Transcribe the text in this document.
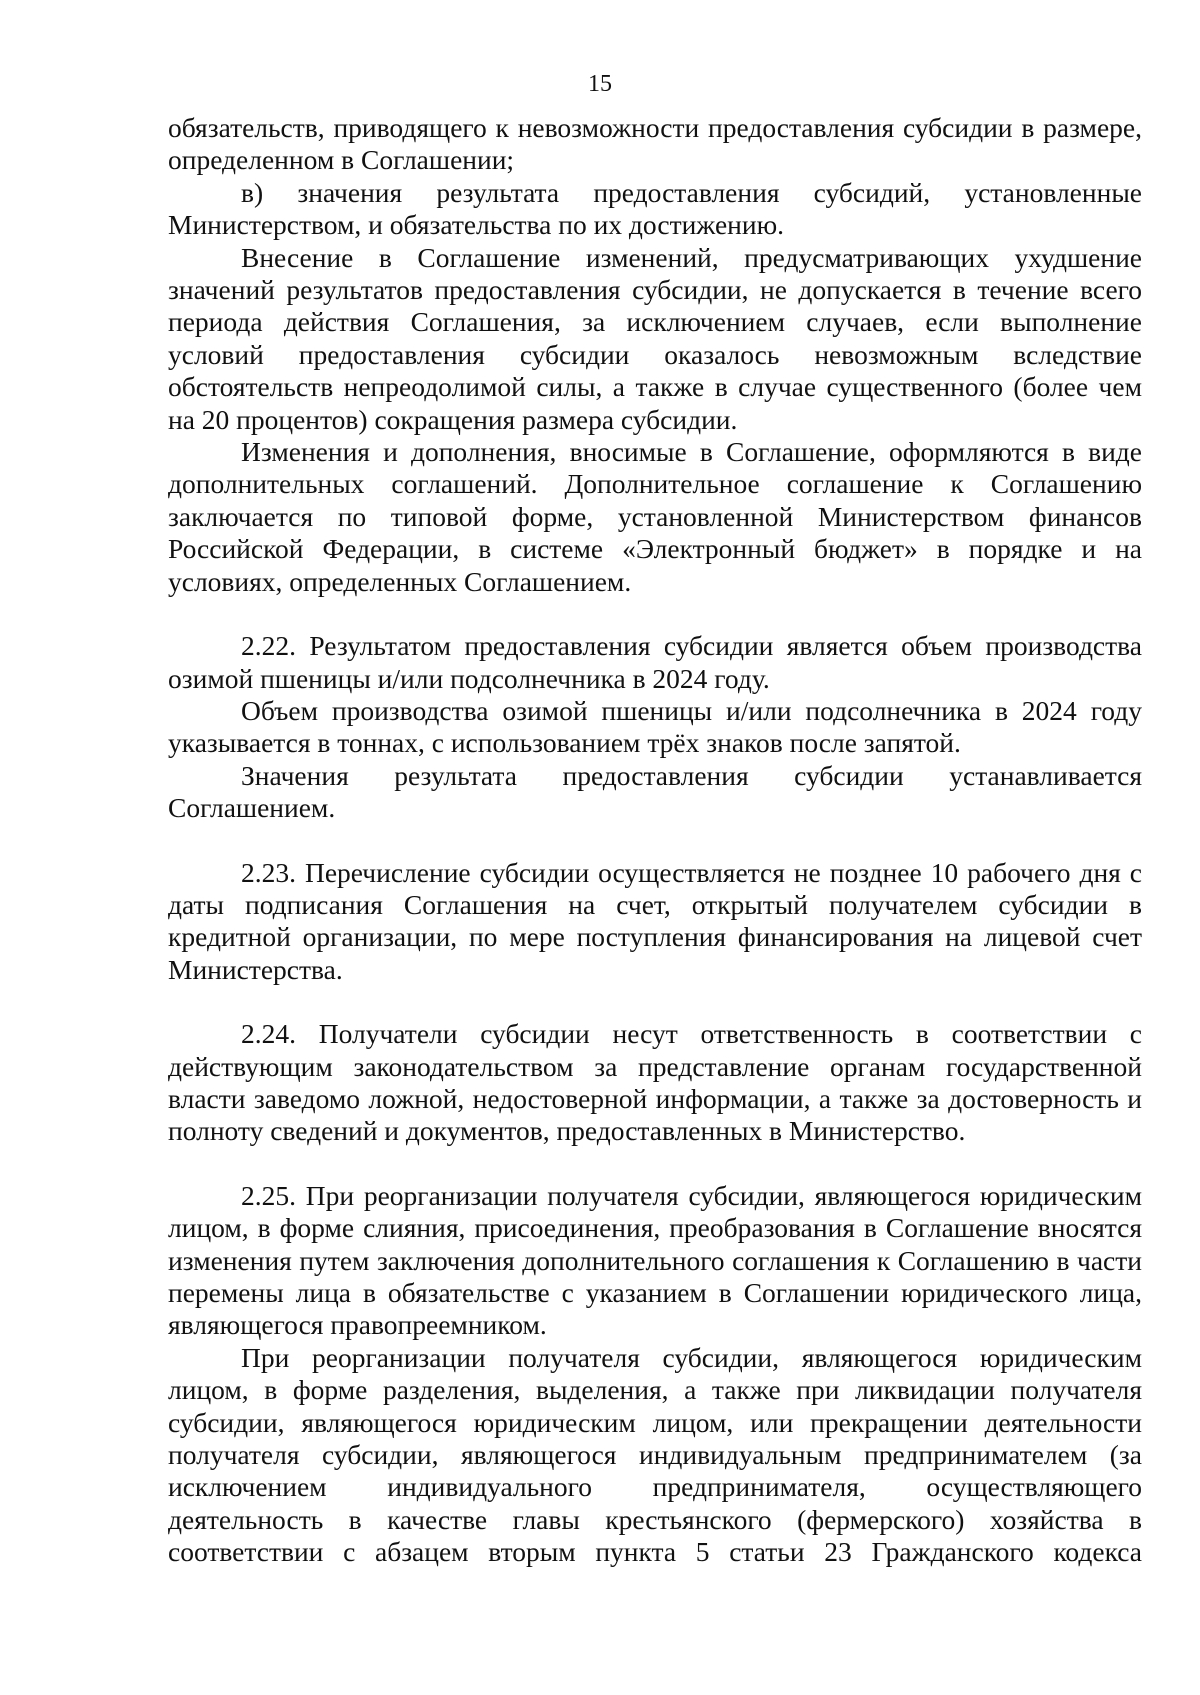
15

обязательств, приводящего к невозможности предоставления субсидии в размере, определенном в Соглашении;

в) значения результата предоставления субсидий, установленные Министерством, и обязательства по их достижению.

Внесение в Соглашение изменений, предусматривающих ухудшение значений результатов предоставления субсидии, не допускается в течение всего периода действия Соглашения, за исключением случаев, если выполнение условий предоставления субсидии оказалось невозможным вследствие обстоятельств непреодолимой силы, а также в случае существенного (более чем на 20 процентов) сокращения размера субсидии.

Изменения и дополнения, вносимые в Соглашение, оформляются в виде дополнительных соглашений. Дополнительное соглашение к Соглашению заключается по типовой форме, установленной Министерством финансов Российской Федерации, в системе «Электронный бюджет» в порядке и на условиях, определенных Соглашением.

2.22. Результатом предоставления субсидии является объем производства озимой пшеницы и/или подсолнечника в 2024 году.

Объем производства озимой пшеницы и/или подсолнечника в 2024 году указывается в тоннах, с использованием трёх знаков после запятой.

Значения результата предоставления субсидии устанавливается Соглашением.

2.23. Перечисление субсидии осуществляется не позднее 10 рабочего дня с даты подписания Соглашения на счет, открытый получателем субсидии в кредитной организации, по мере поступления финансирования на лицевой счет Министерства.

2.24. Получатели субсидии несут ответственность в соответствии с действующим законодательством за представление органам государственной власти заведомо ложной, недостоверной информации, а также за достоверность и полноту сведений и документов, предоставленных в Министерство.

2.25. При реорганизации получателя субсидии, являющегося юридическим лицом, в форме слияния, присоединения, преобразования в Соглашение вносятся изменения путем заключения дополнительного соглашения к Соглашению в части перемены лица в обязательстве с указанием в Соглашении юридического лица, являющегося правопреемником.

При реорганизации получателя субсидии, являющегося юридическим лицом, в форме разделения, выделения, а также при ликвидации получателя субсидии, являющегося юридическим лицом, или прекращении деятельности получателя субсидии, являющегося индивидуальным предпринимателем (за исключением индивидуального предпринимателя, осуществляющего деятельность в качестве главы крестьянского (фермерского) хозяйства в соответствии с абзацем вторым пункта 5 статьи 23 Гражданского кодекса
